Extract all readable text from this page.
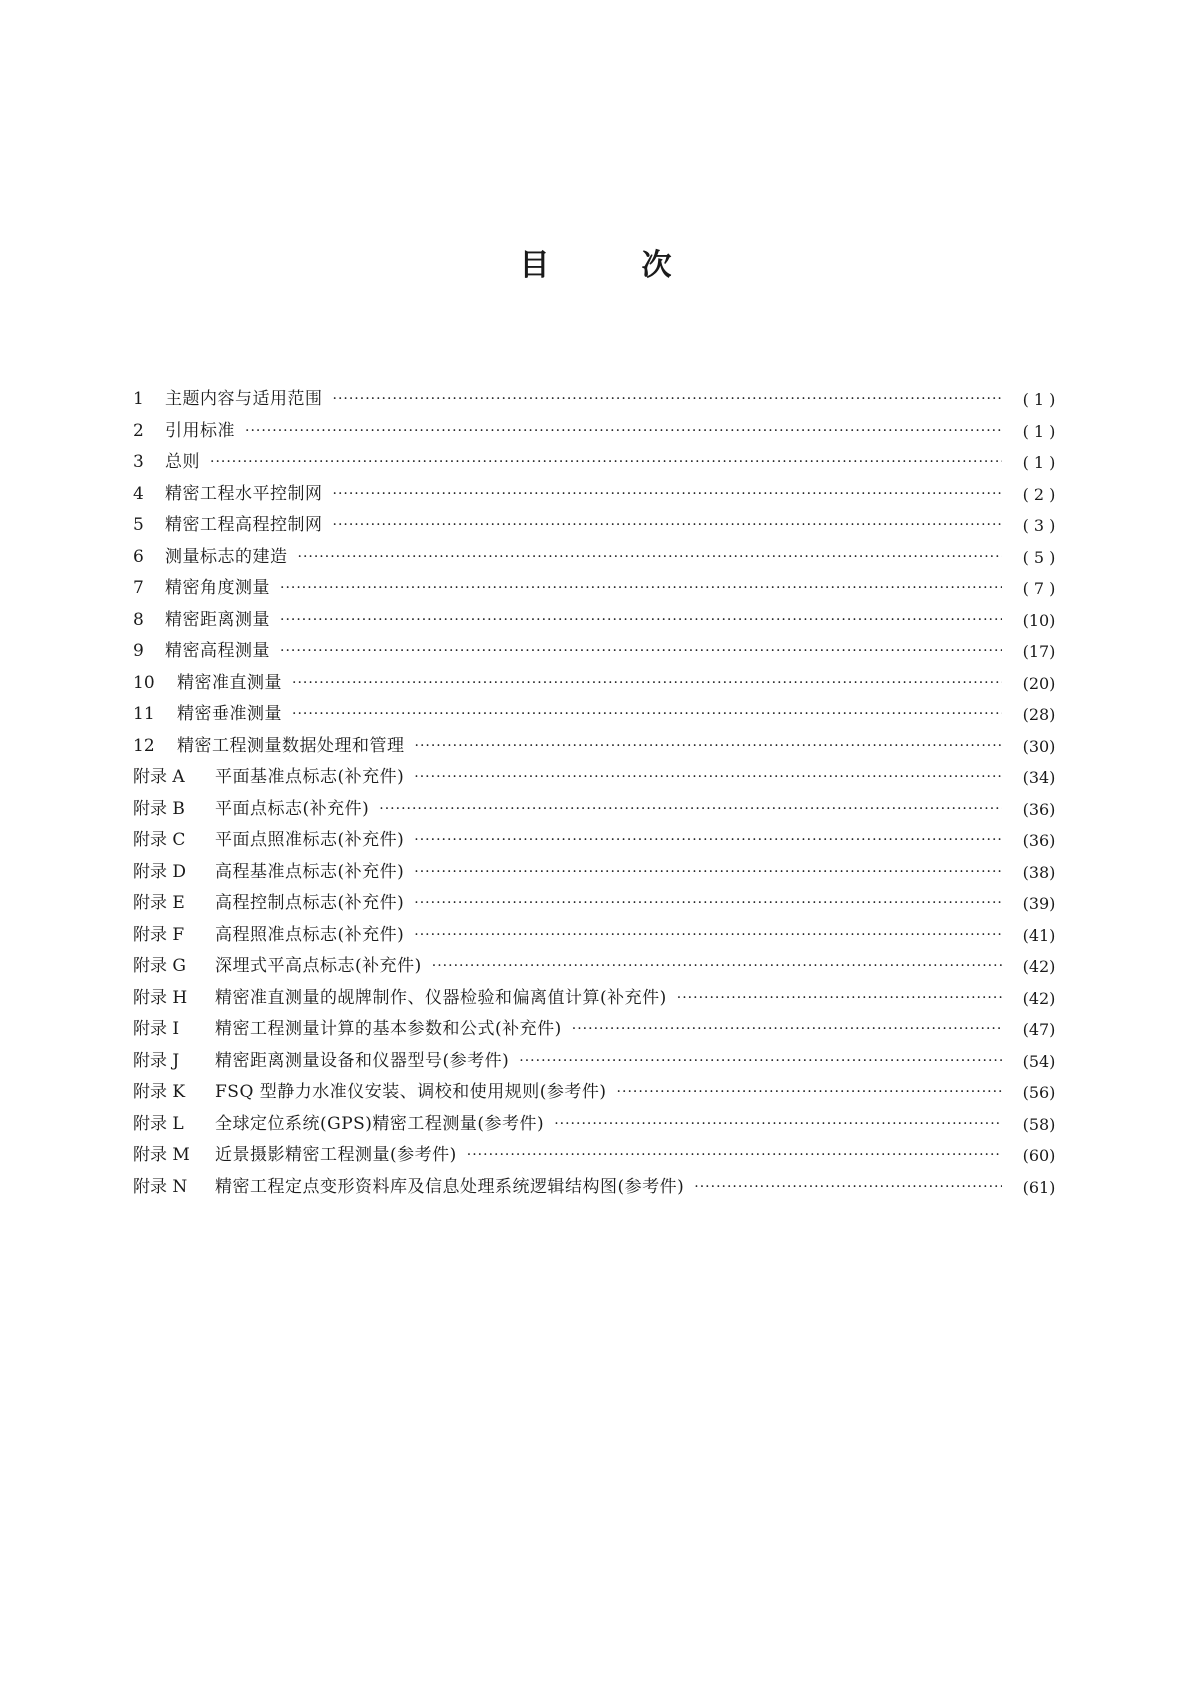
目	次
1	主题内容与适用范围 ·····	( 1 )
2	引用标准 ·····	( 1 )
3	总则 ·····	( 1 )
4	精密工程水平控制网 ·····	( 2 )
5	精密工程高程控制网 ·····	( 3 )
6	测量标志的建造 ·····	( 5 )
7	精密角度测量 ·····	( 7 )
8	精密距离测量 ·····	(10)
9	精密高程测量 ·····	(17)
10	精密准直测量 ·····	(20)
11	精密垂准测量 ·····	(28)
12	精密工程测量数据处理和管理 ·····	(30)
附录 A	平面基准点标志(补充件) ·····	(34)
附录 B	平面点标志(补充件) ·····	(36)
附录 C	平面点照准标志(补充件) ·····	(36)
附录 D	高程基准点标志(补充件) ·····	(38)
附录 E	高程控制点标志(补充件) ·····	(39)
附录 F	高程照准点标志(补充件) ·····	(41)
附录 G	深埋式平高点标志(补充件) ·····	(42)
附录 H	精密准直测量的觇牌制作、仪器检验和偏离值计算(补充件) ·····	(42)
附录 I	精密工程测量计算的基本参数和公式(补充件) ·····	(47)
附录 J	精密距离测量设备和仪器型号(参考件) ·····	(54)
附录 K	FSQ 型静力水准仪安装、调校和使用规则(参考件) ·····	(56)
附录 L	全球定位系统(GPS)精密工程测量(参考件) ·····	(58)
附录 M	近景摄影精密工程测量(参考件) ·····	(60)
附录 N	精密工程定点变形资料库及信息处理系统逻辑结构图(参考件) ·····	(61)
